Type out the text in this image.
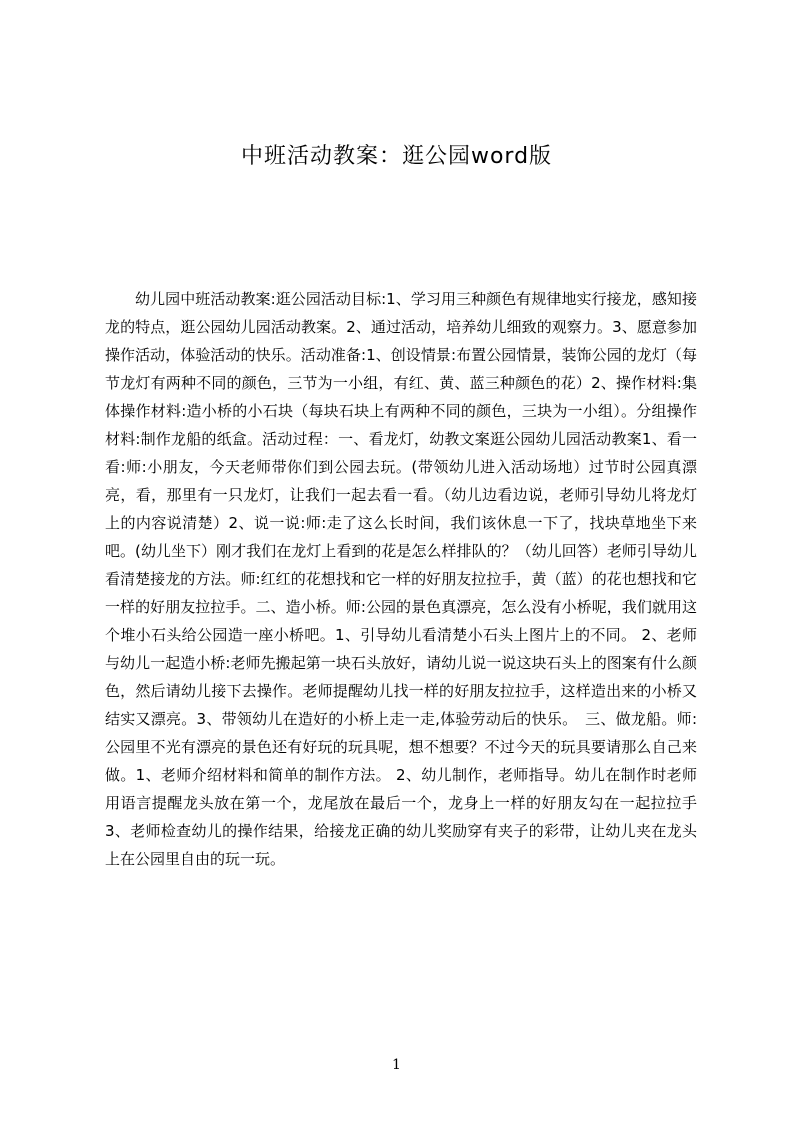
中班活动教案：逛公园word版

幼儿园中班活动教案:逛公园活动目标:1、学习用三种颜色有规律地实行接龙，感知接龙的特点，逛公园幼儿园活动教案。2、通过活动，培养幼儿细致的观察力。3、愿意参加操作活动，体验活动的快乐。活动准备:1、创设情景:布置公园情景，装饰公园的龙灯（每节龙灯有两种不同的颜色，三节为一小组，有红、黄、蓝三种颜色的花）2、操作材料:集体操作材料:造小桥的小石块（每块石块上有两种不同的颜色，三块为一小组）。分组操作材料:制作龙船的纸盒。活动过程：一、看龙灯，幼教文案逛公园幼儿园活动教案1、看一看:师:小朋友，今天老师带你们到公园去玩。(带领幼儿进入活动场地）过节时公园真漂亮，看，那里有一只龙灯，让我们一起去看一看。（幼儿边看边说，老师引导幼儿将龙灯上的内容说清楚）2、说一说:师:走了这么长时间，我们该休息一下了，找块草地坐下来吧。(幼儿坐下）刚才我们在龙灯上看到的花是怎么样排队的？（幼儿回答）老师引导幼儿看清楚接龙的方法。师:红红的花想找和它一样的好朋友拉拉手，黄（蓝）的花也想找和它一样的好朋友拉拉手。二、造小桥。师:公园的景色真漂亮，怎么没有小桥呢，我们就用这个堆小石头给公园造一座小桥吧。1、引导幼儿看清楚小石头上图片上的不同。 2、老师与幼儿一起造小桥:老师先搬起第一块石头放好，请幼儿说一说这块石头上的图案有什么颜色，然后请幼儿接下去操作。老师提醒幼儿找一样的好朋友拉拉手，这样造出来的小桥又结实又漂亮。3、带领幼儿在造好的小桥上走一走,体验劳动后的快乐。　三、做龙船。师:公园里不光有漂亮的景色还有好玩的玩具呢，想不想要？不过今天的玩具要请那么自己来做。1、老师介绍材料和简单的制作方法。 2、幼儿制作，老师指导。幼儿在制作时老师用语言提醒龙头放在第一个，龙尾放在最后一个，龙身上一样的好朋友勾在一起拉拉手3、老师检查幼儿的操作结果，给接龙正确的幼儿奖励穿有夹子的彩带，让幼儿夹在龙头上在公园里自由的玩一玩。

1
